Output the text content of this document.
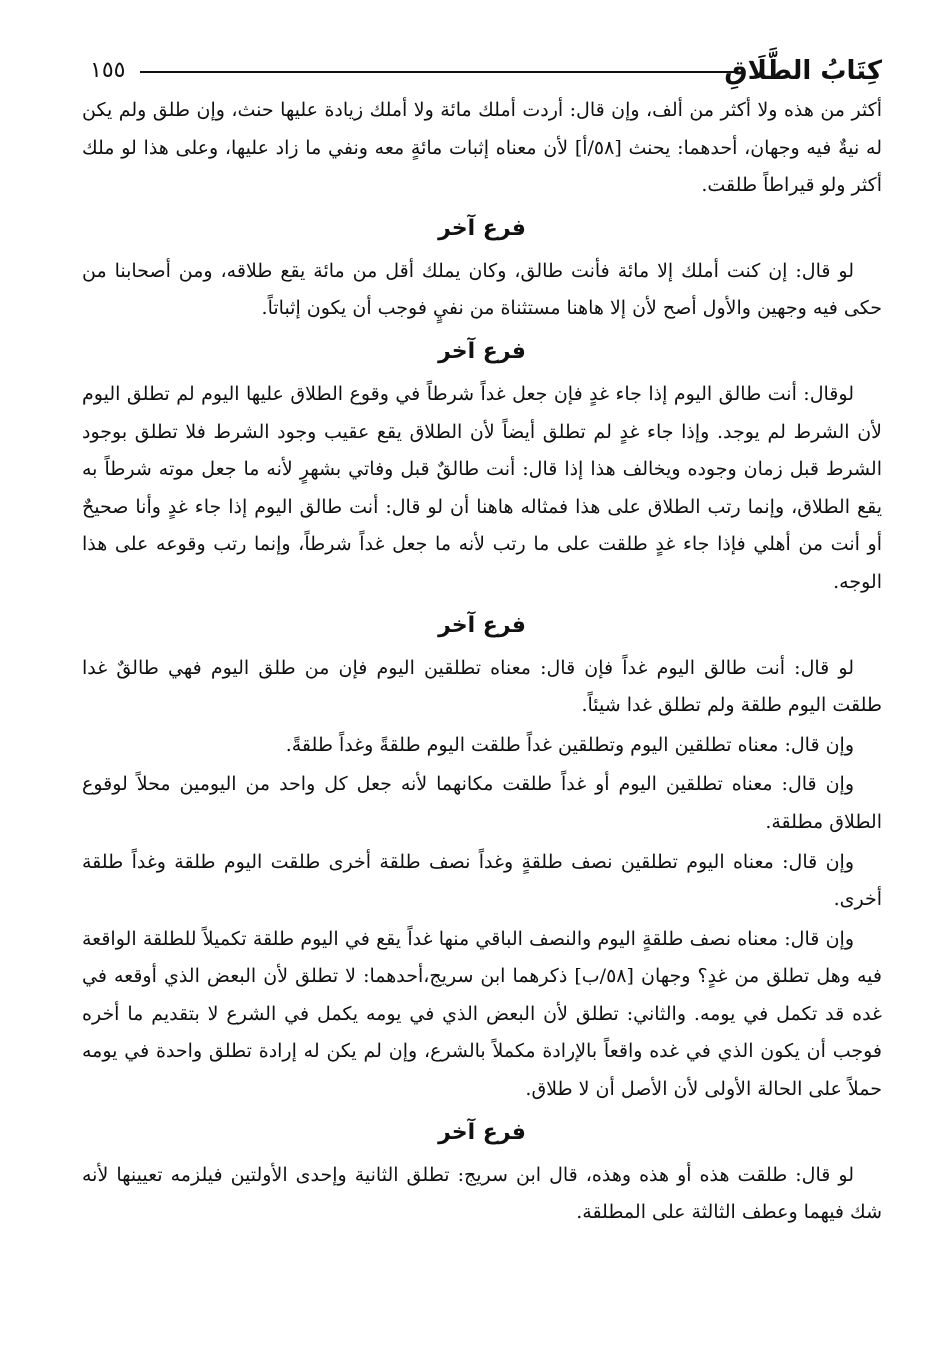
كِتَابُ الطَّلَاقِ
١٥٥

أكثر من هذه ولا أكثر من ألف، وإن قال: أردت أملك مائة ولا أملك زيادة عليها حنث، وإن طلق ولم يكن له نيةٌ فيه وجهان، أحدهما: يحنث [٥٨/أ] لأن معناه إثبات مائةٍ معه ونفي ما زاد عليها، وعلى هذا لو ملك أكثر ولو قيراطاً طلقت.

فرع آخر

لو قال: إن كنت أملك إلا مائة فأنت طالق، وكان يملك أقل من مائة يقع طلاقه، ومن أصحابنا من حكى فيه وجهين والأول أصح لأن إلا هاهنا مستثناة من نفيٍ فوجب أن يكون إثباتاً.

فرع آخر

لوقال: أنت طالق اليوم إذا جاء غدٍ فإن جعل غداً شرطاً في وقوع الطلاق عليها اليوم لم تطلق اليوم لأن الشرط لم يوجد. وإذا جاء غدٍ لم تطلق أيضاً لأن الطلاق يقع عقيب وجود الشرط فلا تطلق بوجود الشرط قبل زمان وجوده ويخالف هذا إذا قال: أنت طالقٌ قبل وفاتي بشهرٍ لأنه ما جعل موته شرطاً به يقع الطلاق، وإنما رتب الطلاق على هذا فمثاله هاهنا أن لو قال: أنت طالق اليوم إذا جاء غدٍ وأنا صحيحٌ أو أنت من أهلي فإذا جاء غدٍ طلقت على ما رتب لأنه ما جعل غداً شرطاً، وإنما رتب وقوعه على هذا الوجه.

فرع آخر

لو قال: أنت طالق اليوم غداً فإن قال: معناه تطلقين اليوم فإن من طلق اليوم فهي طالقٌ غدا طلقت اليوم طلقة ولم تطلق غدا شيئاً.

وإن قال: معناه تطلقين اليوم وتطلقين غداً طلقت اليوم طلقةً وغداً طلقةً.

وإن قال: معناه تطلقين اليوم أو غداً طلقت مكانهما لأنه جعل كل واحد من اليومين محلاً لوقوع الطلاق مطلقة.

وإن قال: معناه اليوم تطلقين نصف طلقةٍ وغداً نصف طلقة أخرى طلقت اليوم طلقة وغداً طلقة أخرى.

وإن قال: معناه نصف طلقةٍ اليوم والنصف الباقي منها غداً يقع في اليوم طلقة تكميلاً للطلقة الواقعة فيه وهل تطلق من غدٍ؟ وجهان [٥٨/ب] ذكرهما ابن سريج،أحدهما: لا تطلق لأن البعض الذي أوقعه في غده قد تكمل في يومه. والثاني: تطلق لأن البعض الذي في يومه يكمل في الشرع لا بتقديم ما أخره فوجب أن يكون الذي في غده واقعاً بالإرادة مكملاً بالشرع، وإن لم يكن له إرادة تطلق واحدة في يومه حملاً على الحالة الأولى لأن الأصل أن لا طلاق.

فرع آخر

لو قال: طلقت هذه أو هذه وهذه، قال ابن سريج: تطلق الثانية وإحدى الأولتين فيلزمه تعيينها لأنه شك فيهما وعطف الثالثة على المطلقة.
